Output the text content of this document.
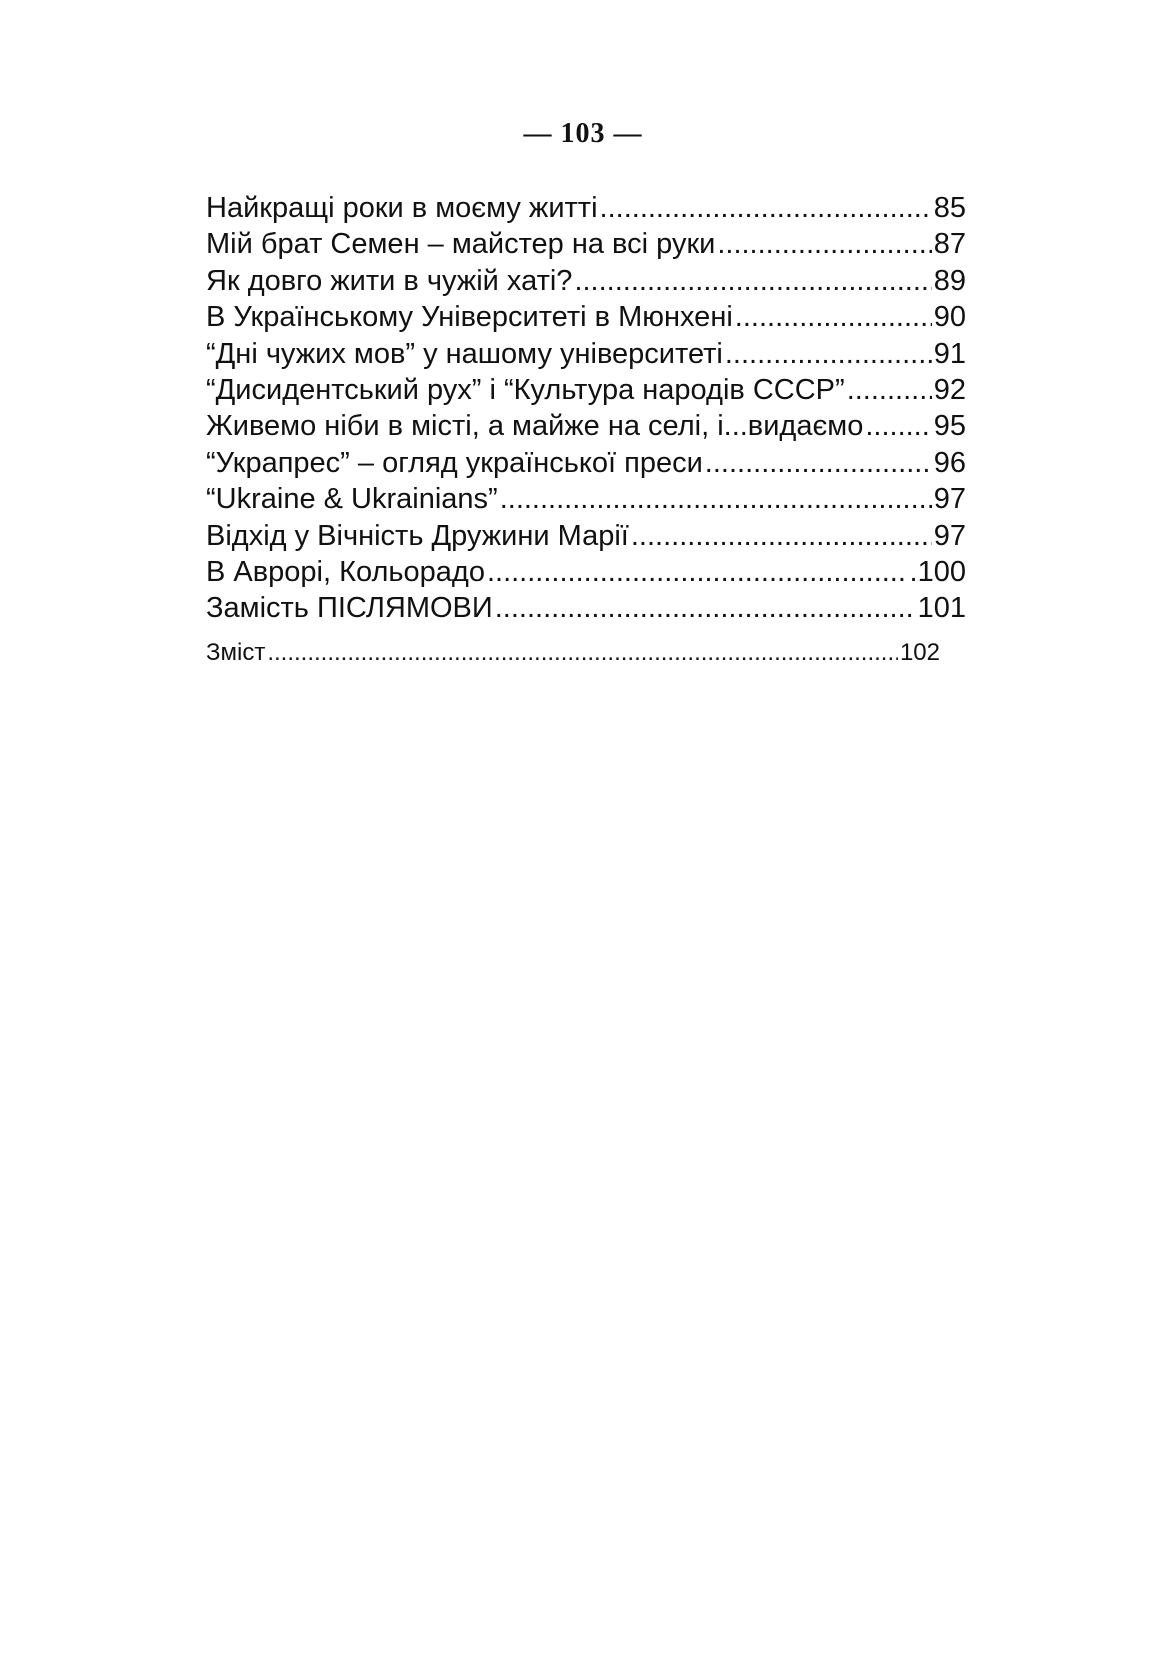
— 103 —
Найкращі роки в моєму житті .....	85
Мій брат Семен – майстер на всі руки .....	87
Як довго жити в чужій хаті? .....	89
В Українському Університеті в Мюнхені .....	90
“Дні чужих мов” у нашому університеті .....	91
“Дисидентський рух” і “Культура народів СССР” .....	92
Живемо ніби в місті, а майже на селі, і...видаємо ..... 95
“Украпрес” – огляд української преси .....	96
“Ukraine & Ukrainians” .....	97
Відхід у Вічність Дружини Марії .....	97
В Аврорі, Кольорадо .....	.100
Замість ПІСЛЯМОВИ .....	101
Зміст .....	102
